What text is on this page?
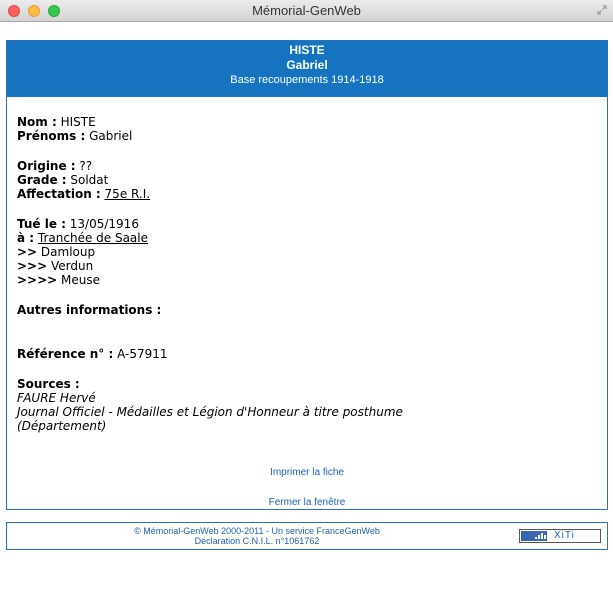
Mémorial-GenWeb
HISTE
Gabriel
Base recoupements 1914-1918
Nom : HISTE
Prénoms : Gabriel
Origine : ??
Grade : Soldat
Affectation : 75e R.I.
Tué le : 13/05/1916
à : Tranchée de Saale
>> Damloup
>>> Verdun
>>>> Meuse
Autres informations :
Référence n° : A-57911
Sources :
FAURE Hervé
Journal Officiel - Médailles et Légion d'Honneur à titre posthume
(Département)
Imprimer la fiche
Fermer la fenêtre
© Mémorial-GenWeb 2000-2011 - Un service FranceGenWeb
Déclaration C.N.I.L. n°1061762	XiTi
